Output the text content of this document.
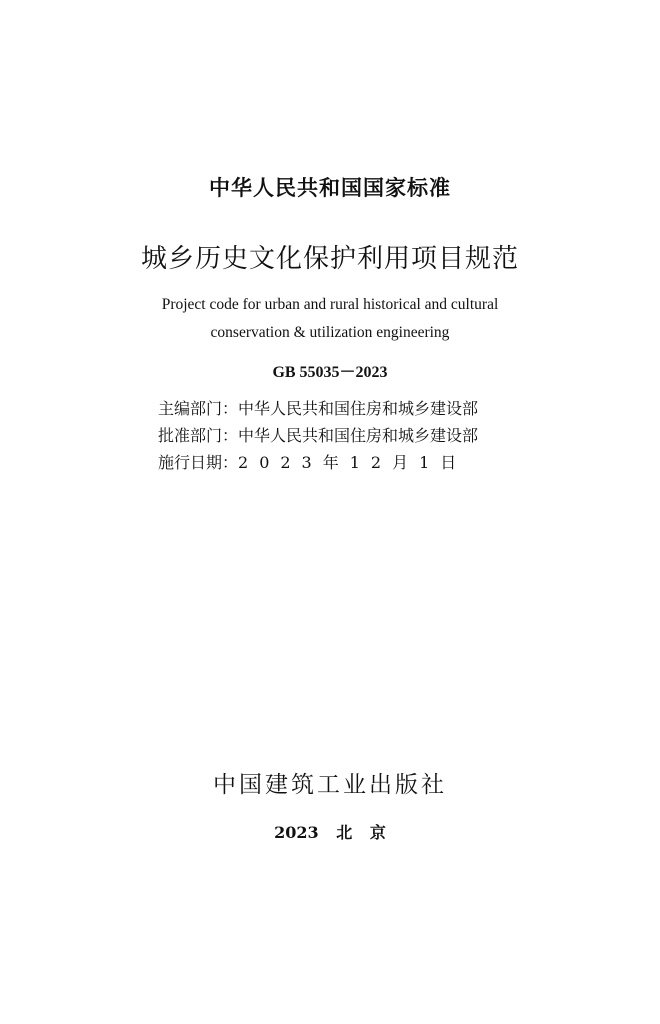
中华人民共和国国家标准
城乡历史文化保护利用项目规范
Project code for urban and rural historical and cultural
conservation & utilization engineering
GB 55035－2023
主编部门：中华人民共和国住房和城乡建设部
批准部门：中华人民共和国住房和城乡建设部
施行日期：2023年12月1日
中国建筑工业出版社
2023 北 京
